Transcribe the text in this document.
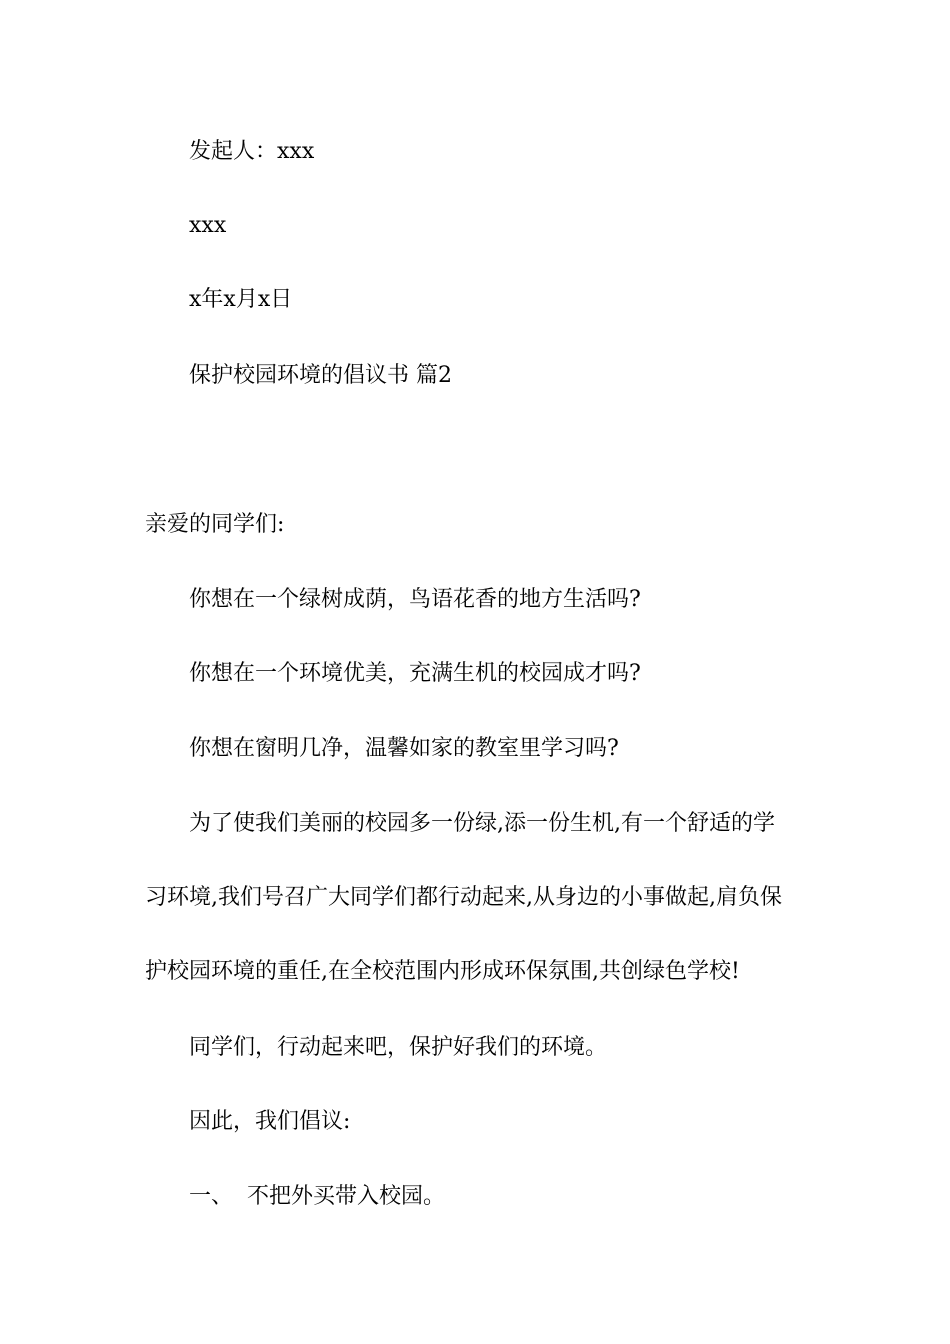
发起人：xxx
xxx
x年x月x日
保护校园环境的倡议书 篇2
亲爱的同学们:
你想在一个绿树成荫，鸟语花香的地方生活吗?
你想在一个环境优美，充满生机的校园成才吗?
你想在窗明几净，温馨如家的教室里学习吗?
为了使我们美丽的校园多一份绿,添一份生机,有一个舒适的学
习环境,我们号召广大同学们都行动起来,从身边的小事做起,肩负保
护校园环境的重任,在全校范围内形成环保氛围,共创绿色学校!
同学们，行动起来吧，保护好我们的环境。
因此，我们倡议:
一、  不把外买带入校园。
